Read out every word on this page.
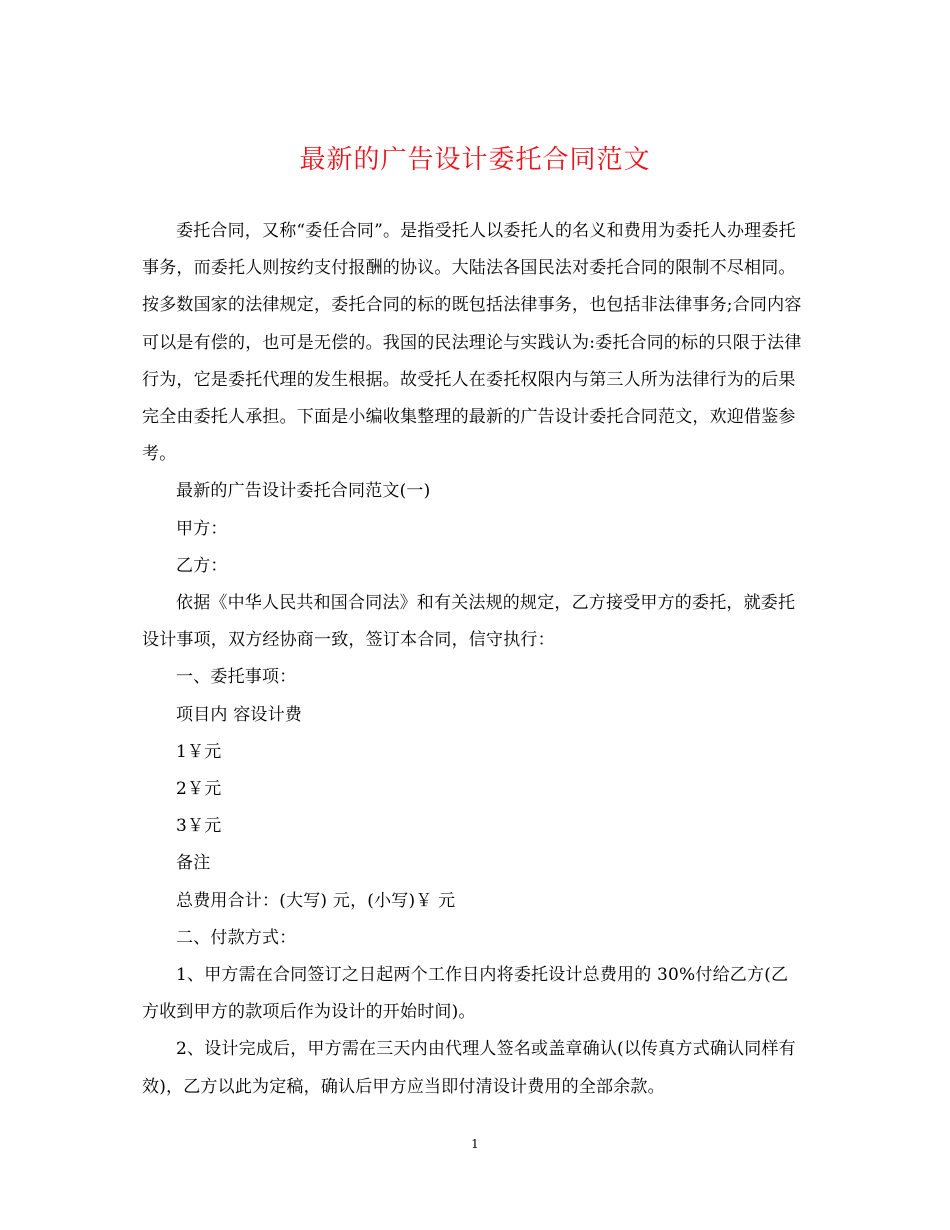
最新的广告设计委托合同范文

委托合同，又称“委任合同”。是指受托人以委托人的名义和费用为委托人办理委托事务，而委托人则按约支付报酬的协议。大陆法各国民法对委托合同的限制不尽相同。按多数国家的法律规定，委托合同的标的既包括法律事务，也包括非法律事务;合同内容可以是有偿的，也可是无偿的。我国的民法理论与实践认为:委托合同的标的只限于法律行为，它是委托代理的发生根据。故受托人在委托权限内与第三人所为法律行为的后果完全由委托人承担。下面是小编收集整理的最新的广告设计委托合同范文，欢迎借鉴参考。

最新的广告设计委托合同范文(一)

甲方：

乙方：

依据《中华人民共和国合同法》和有关法规的规定，乙方接受甲方的委托，就委托设计事项，双方经协商一致，签订本合同，信守执行：

一、委托事项：

项目内 容设计费

1￥元

2￥元

3￥元

备注

总费用合计：(大写) 元，(小写)￥ 元

二、付款方式：

1、甲方需在合同签订之日起两个工作日内将委托设计总费用的 30%付给乙方(乙方收到甲方的款项后作为设计的开始时间)。

2、设计完成后，甲方需在三天内由代理人签名或盖章确认(以传真方式确认同样有效)，乙方以此为定稿，确认后甲方应当即付清设计费用的全部余款。

1
